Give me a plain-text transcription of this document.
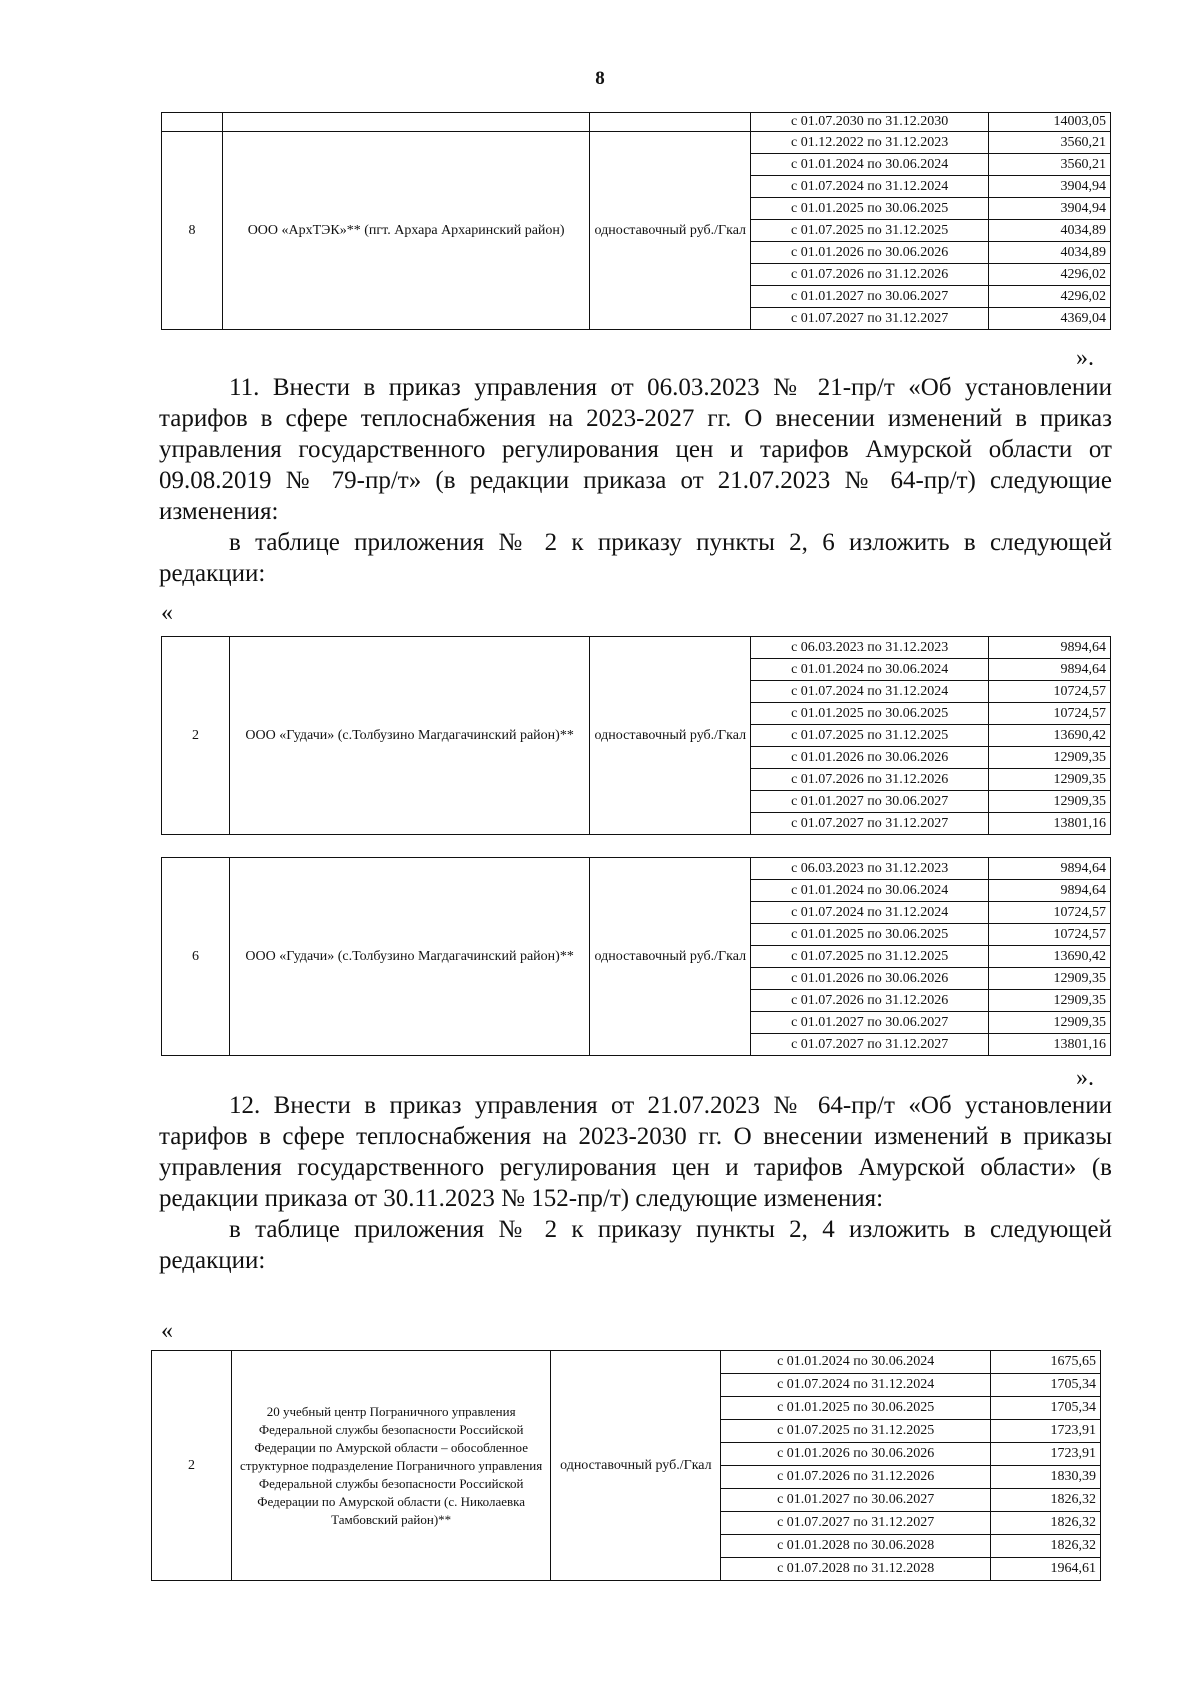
8
			с 01.07.2030 по 31.12.2030	14003,05
8	ООО «АрхТЭК»** (пгт. Архара Архаринский район)	одноставочный руб./Гкал	с 01.12.2022 по 31.12.2023	3560,21
			с 01.01.2024 по 30.06.2024	3560,21
			с 01.07.2024 по 31.12.2024	3904,94
			с 01.01.2025 по 30.06.2025	3904,94
			с 01.07.2025 по 31.12.2025	4034,89
			с 01.01.2026 по 30.06.2026	4034,89
			с 01.07.2026 по 31.12.2026	4296,02
			с 01.01.2027 по 30.06.2027	4296,02
			с 01.07.2027 по 31.12.2027	4369,04
».
11. Внести в приказ управления от 06.03.2023 № 21-пр/т «Об установлении тарифов в сфере теплоснабжения на 2023-2027 гг. О внесении изменений в приказ управления государственного регулирования цен и тарифов Амурской области от 09.08.2019 № 79-пр/т» (в редакции приказа от 21.07.2023 № 64-пр/т) следующие изменения:
в таблице приложения № 2 к приказу пункты 2, 6 изложить в следующей редакции:
«
2	ООО «Гудачи» (с.Толбузино Магдагачинский район)**	одноставочный руб./Гкал	с 06.03.2023 по 31.12.2023	9894,64
			с 01.01.2024 по 30.06.2024	9894,64
			с 01.07.2024 по 31.12.2024	10724,57
			с 01.01.2025 по 30.06.2025	10724,57
			с 01.07.2025 по 31.12.2025	13690,42
			с 01.01.2026 по 30.06.2026	12909,35
			с 01.07.2026 по 31.12.2026	12909,35
			с 01.01.2027 по 30.06.2027	12909,35
			с 01.07.2027 по 31.12.2027	13801,16
6	ООО «Гудачи» (с.Толбузино Магдагачинский район)**	одноставочный руб./Гкал	с 06.03.2023 по 31.12.2023	9894,64
			с 01.01.2024 по 30.06.2024	9894,64
			с 01.07.2024 по 31.12.2024	10724,57
			с 01.01.2025 по 30.06.2025	10724,57
			с 01.07.2025 по 31.12.2025	13690,42
			с 01.01.2026 по 30.06.2026	12909,35
			с 01.07.2026 по 31.12.2026	12909,35
			с 01.01.2027 по 30.06.2027	12909,35
			с 01.07.2027 по 31.12.2027	13801,16
».
12. Внести в приказ управления от 21.07.2023 № 64-пр/т «Об установлении тарифов в сфере теплоснабжения на 2023-2030 гг. О внесении изменений в приказы управления государственного регулирования цен и тарифов Амурской области» (в редакции приказа от 30.11.2023 № 152-пр/т) следующие изменения:
в таблице приложения № 2 к приказу пункты 2, 4 изложить в следующей редакции:
«
2	20 учебный центр Пограничного управления Федеральной службы безопасности Российской Федерации по Амурской области – обособленное структурное подразделение Пограничного управления Федеральной службы безопасности Российской Федерации по Амурской области (с. Николаевка Тамбовский район)**	одноставочный руб./Гкал	с 01.01.2024 по 30.06.2024	1675,65
			с 01.07.2024 по 31.12.2024	1705,34
			с 01.01.2025 по 30.06.2025	1705,34
			с 01.07.2025 по 31.12.2025	1723,91
			с 01.01.2026 по 30.06.2026	1723,91
			с 01.07.2026 по 31.12.2026	1830,39
			с 01.01.2027 по 30.06.2027	1826,32
			с 01.07.2027 по 31.12.2027	1826,32
			с 01.01.2028 по 30.06.2028	1826,32
			с 01.07.2028 по 31.12.2028	1964,61
